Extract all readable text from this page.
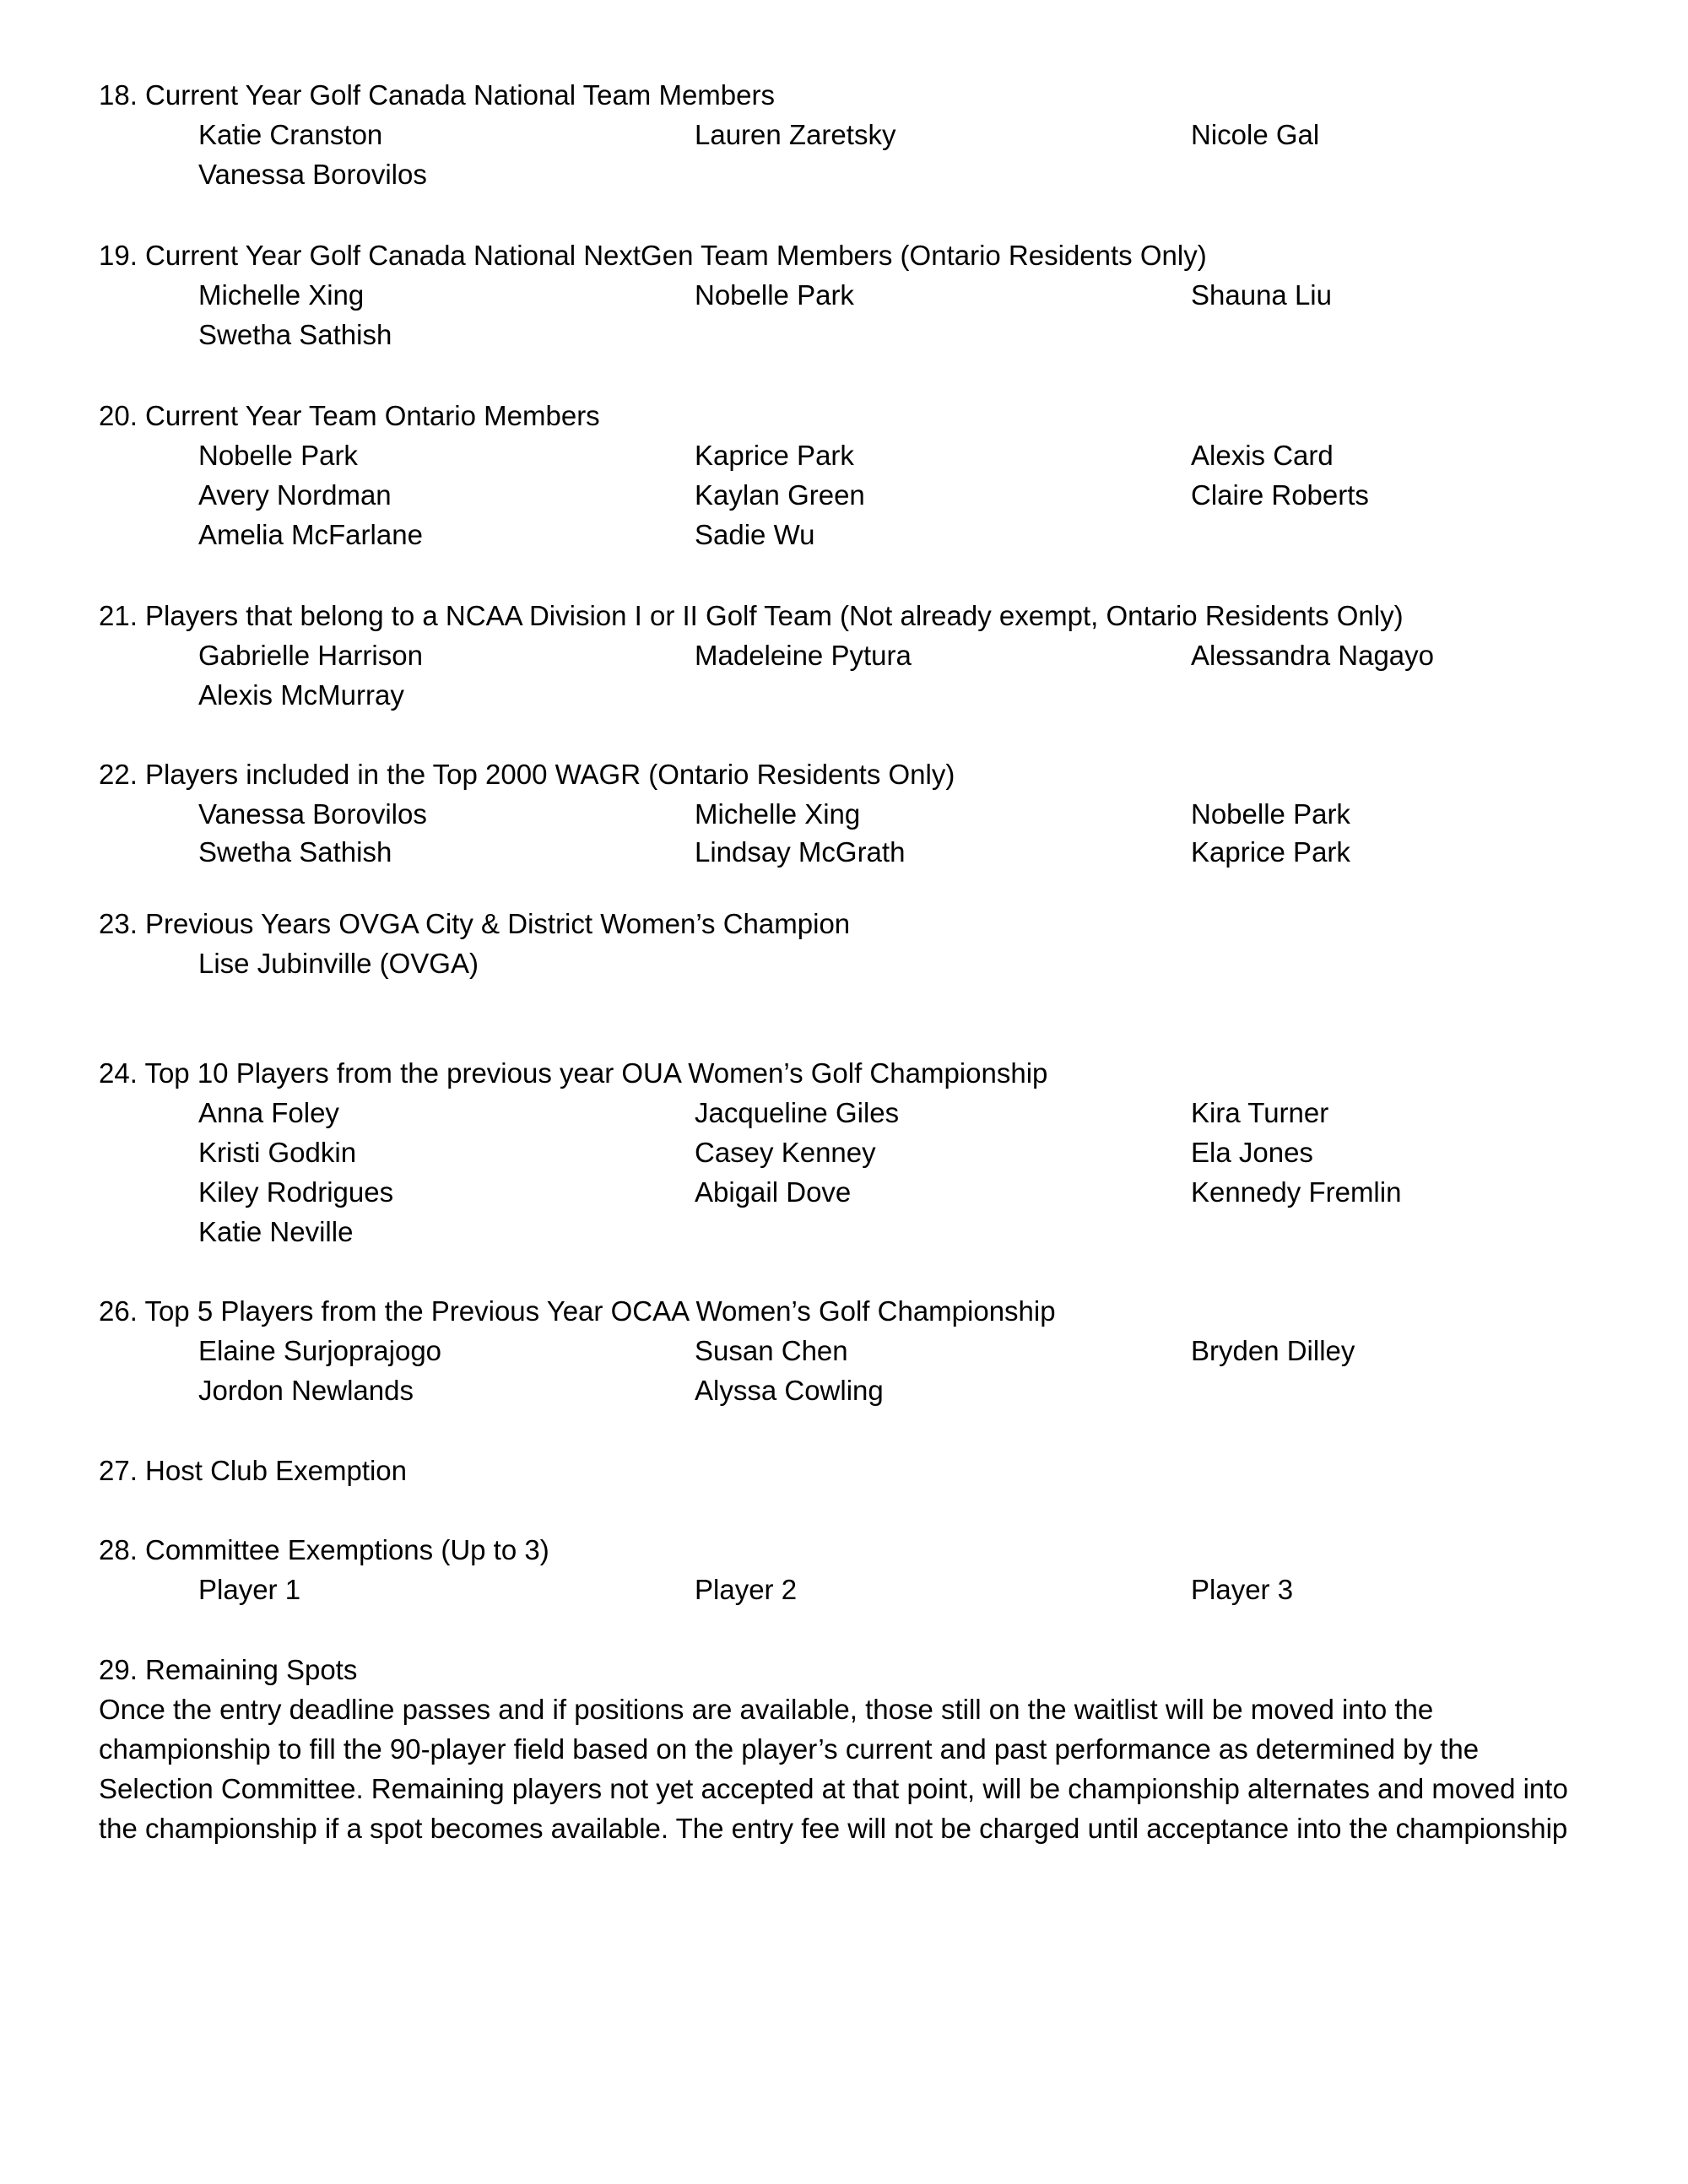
18. Current Year Golf Canada National Team Members
Katie Cranston	Lauren Zaretsky	Nicole Gal
Vanessa Borovilos
19. Current Year Golf Canada National NextGen Team Members (Ontario Residents Only)
Michelle Xing	Nobelle Park	Shauna Liu
Swetha Sathish
20. Current Year Team Ontario Members
Nobelle Park	Kaprice Park	Alexis Card
Avery Nordman	Kaylan Green	Claire Roberts
Amelia McFarlane	Sadie Wu
21. Players that belong to a NCAA Division I or II Golf Team (Not already exempt, Ontario Residents Only)
Gabrielle Harrison	Madeleine Pytura	Alessandra Nagayo
Alexis McMurray
22. Players included in the Top 2000 WAGR (Ontario Residents Only)
Vanessa Borovilos	Michelle Xing	Nobelle Park
Swetha Sathish	Lindsay McGrath	Kaprice Park
23. Previous Years OVGA City & District Women’s Champion
Lise Jubinville (OVGA)
24. Top 10 Players from the previous year OUA Women’s Golf Championship
Anna Foley	Jacqueline Giles	Kira Turner
Kristi Godkin	Casey Kenney	Ela Jones
Kiley Rodrigues	Abigail Dove	Kennedy Fremlin
Katie Neville
26. Top 5 Players from the Previous Year OCAA Women’s Golf Championship
Elaine Surjoprajogo	Susan Chen	Bryden Dilley
Jordon Newlands	Alyssa Cowling
27. Host Club Exemption
28. Committee Exemptions (Up to 3)
Player 1	Player 2	Player 3
29. Remaining Spots
Once the entry deadline passes and if positions are available, those still on the waitlist will be moved into the
championship to fill the 90-player field based on the player’s current and past performance as determined by the
Selection Committee. Remaining players not yet accepted at that point, will be championship alternates and moved into
the championship if a spot becomes available. The entry fee will not be charged until acceptance into the championship
